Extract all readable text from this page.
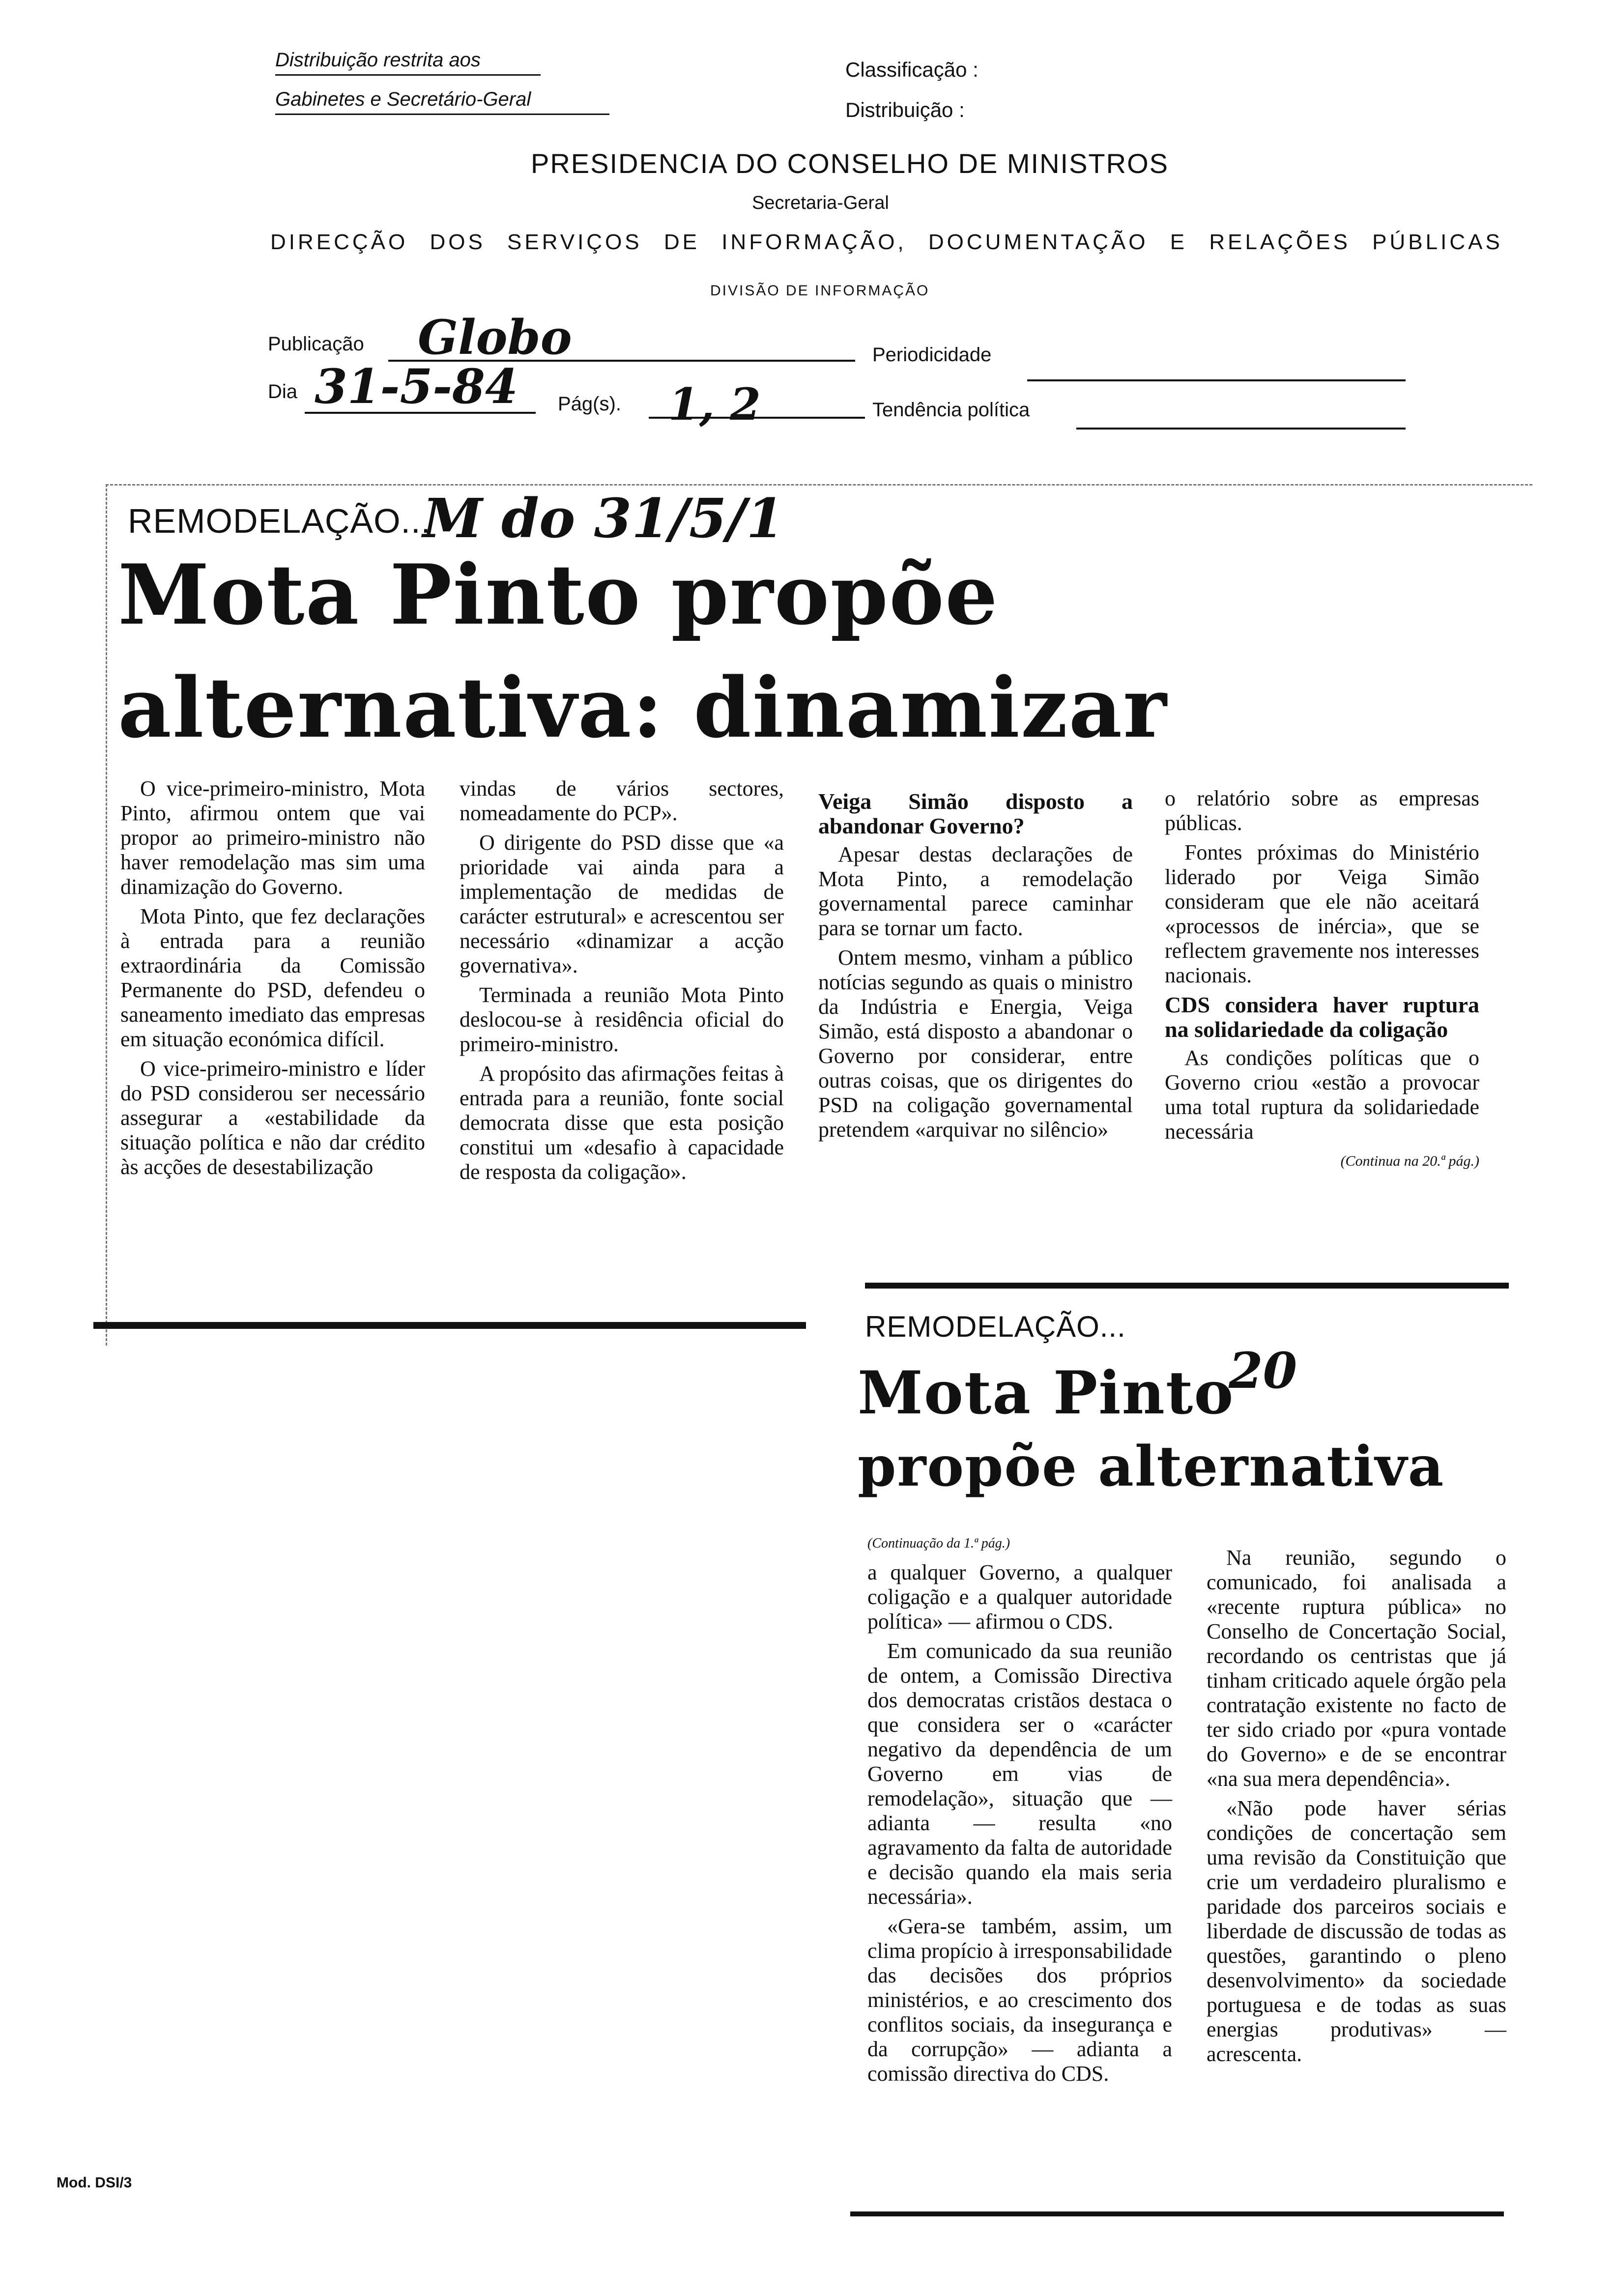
Distribuição restrita aos
Gabinetes e Secretário-Geral
Classificação :
Distribuição :
PRESIDENCIA DO CONSELHO DE MINISTROS
Secretaria-Geral
DIRECÇÃO DOS SERVIÇOS DE INFORMAÇÃO, DOCUMENTAÇÃO E RELAÇÕES PÚBLICAS
DIVISÃO DE INFORMAÇÃO
Publicação Globo	Periodicidade
Dia 31-5-84 Pág(s). 1, 2	Tendência política
REMODELAÇÃO...
M do 31/5/1
Mota Pinto propõe
alternativa: dinamizar

O vice-primeiro-ministro, Mota Pinto, afirmou ontem que vai propor ao primeiro-ministro não haver remodelação mas sim uma dinamização do Governo.

Mota Pinto, que fez declarações à entrada para a reunião extraordinária da Comissão Permanente do PSD, defendeu o saneamento imediato das empresas em situação económica difícil.

O vice-primeiro-ministro e líder do PSD considerou ser necessário assegurar a «estabilidade da situação política e não dar crédito às acções de desestabilização

vindas de vários sectores, nomeadamente do PCP».

O dirigente do PSD disse que «a prioridade vai ainda para a implementação de medidas de carácter estrutural» e acrescentou ser necessário «dinamizar a acção governativa».

Terminada a reunião Mota Pinto deslocou-se à residência oficial do primeiro-ministro.

A propósito das afirmações feitas à entrada para a reunião, fonte social democrata disse que esta posição constitui um «desafio à capacidade de resposta da coligação».

Veiga Simão disposto a abandonar Governo?

Apesar destas declarações de Mota Pinto, a remodelação governamental parece caminhar para se tornar um facto.

Ontem mesmo, vinham a público notícias segundo as quais o ministro da Indústria e Energia, Veiga Simão, está disposto a abandonar o Governo por considerar, entre outras coisas, que os dirigentes do PSD na coligação governamental pretendem «arquivar no silêncio»

o relatório sobre as empresas públicas.

Fontes próximas do Ministério liderado por Veiga Simão consideram que ele não aceitará «processos de inércia», que se reflectem gravemente nos interesses nacionais.

CDS considera haver ruptura na solidariedade da coligação

As condições políticas que o Governo criou «estão a provocar uma total ruptura da solidariedade necessária

(Continua na 20.ª pág.)
REMODELAÇÃO...
20
Mota Pinto
propõe alternativa
(Continuação da 1.ª pág.)

a qualquer Governo, a qualquer coligação e a qualquer autoridade política» — afirmou o CDS.

Em comunicado da sua reunião de ontem, a Comissão Directiva dos democratas cristãos destaca o que considera ser o «carácter negativo da dependência de um Governo em vias de remodelação», situação que — adianta — resulta «no agravamento da falta de autoridade e decisão quando ela mais seria necessária».

«Gera-se também, assim, um clima propício à irresponsabilidade das decisões dos próprios ministérios, e ao crescimento dos conflitos sociais, da insegurança e da corrupção» — adianta a comissão directiva do CDS.

Na reunião, segundo o comunicado, foi analisada a «recente ruptura pública» no Conselho de Concertação Social, recordando os centristas que já tinham criticado aquele órgão pela contratação existente no facto de ter sido criado por «pura vontade do Governo» e de se encontrar «na sua mera dependência».

«Não pode haver sérias condições de concertação sem uma revisão da Constituição que crie um verdadeiro pluralismo e paridade dos parceiros sociais e liberdade de discussão de todas as questões, garantindo o pleno desenvolvimento» da sociedade portuguesa e de todas as suas energias produtivas» — acrescenta.

Mod. DSI/3
